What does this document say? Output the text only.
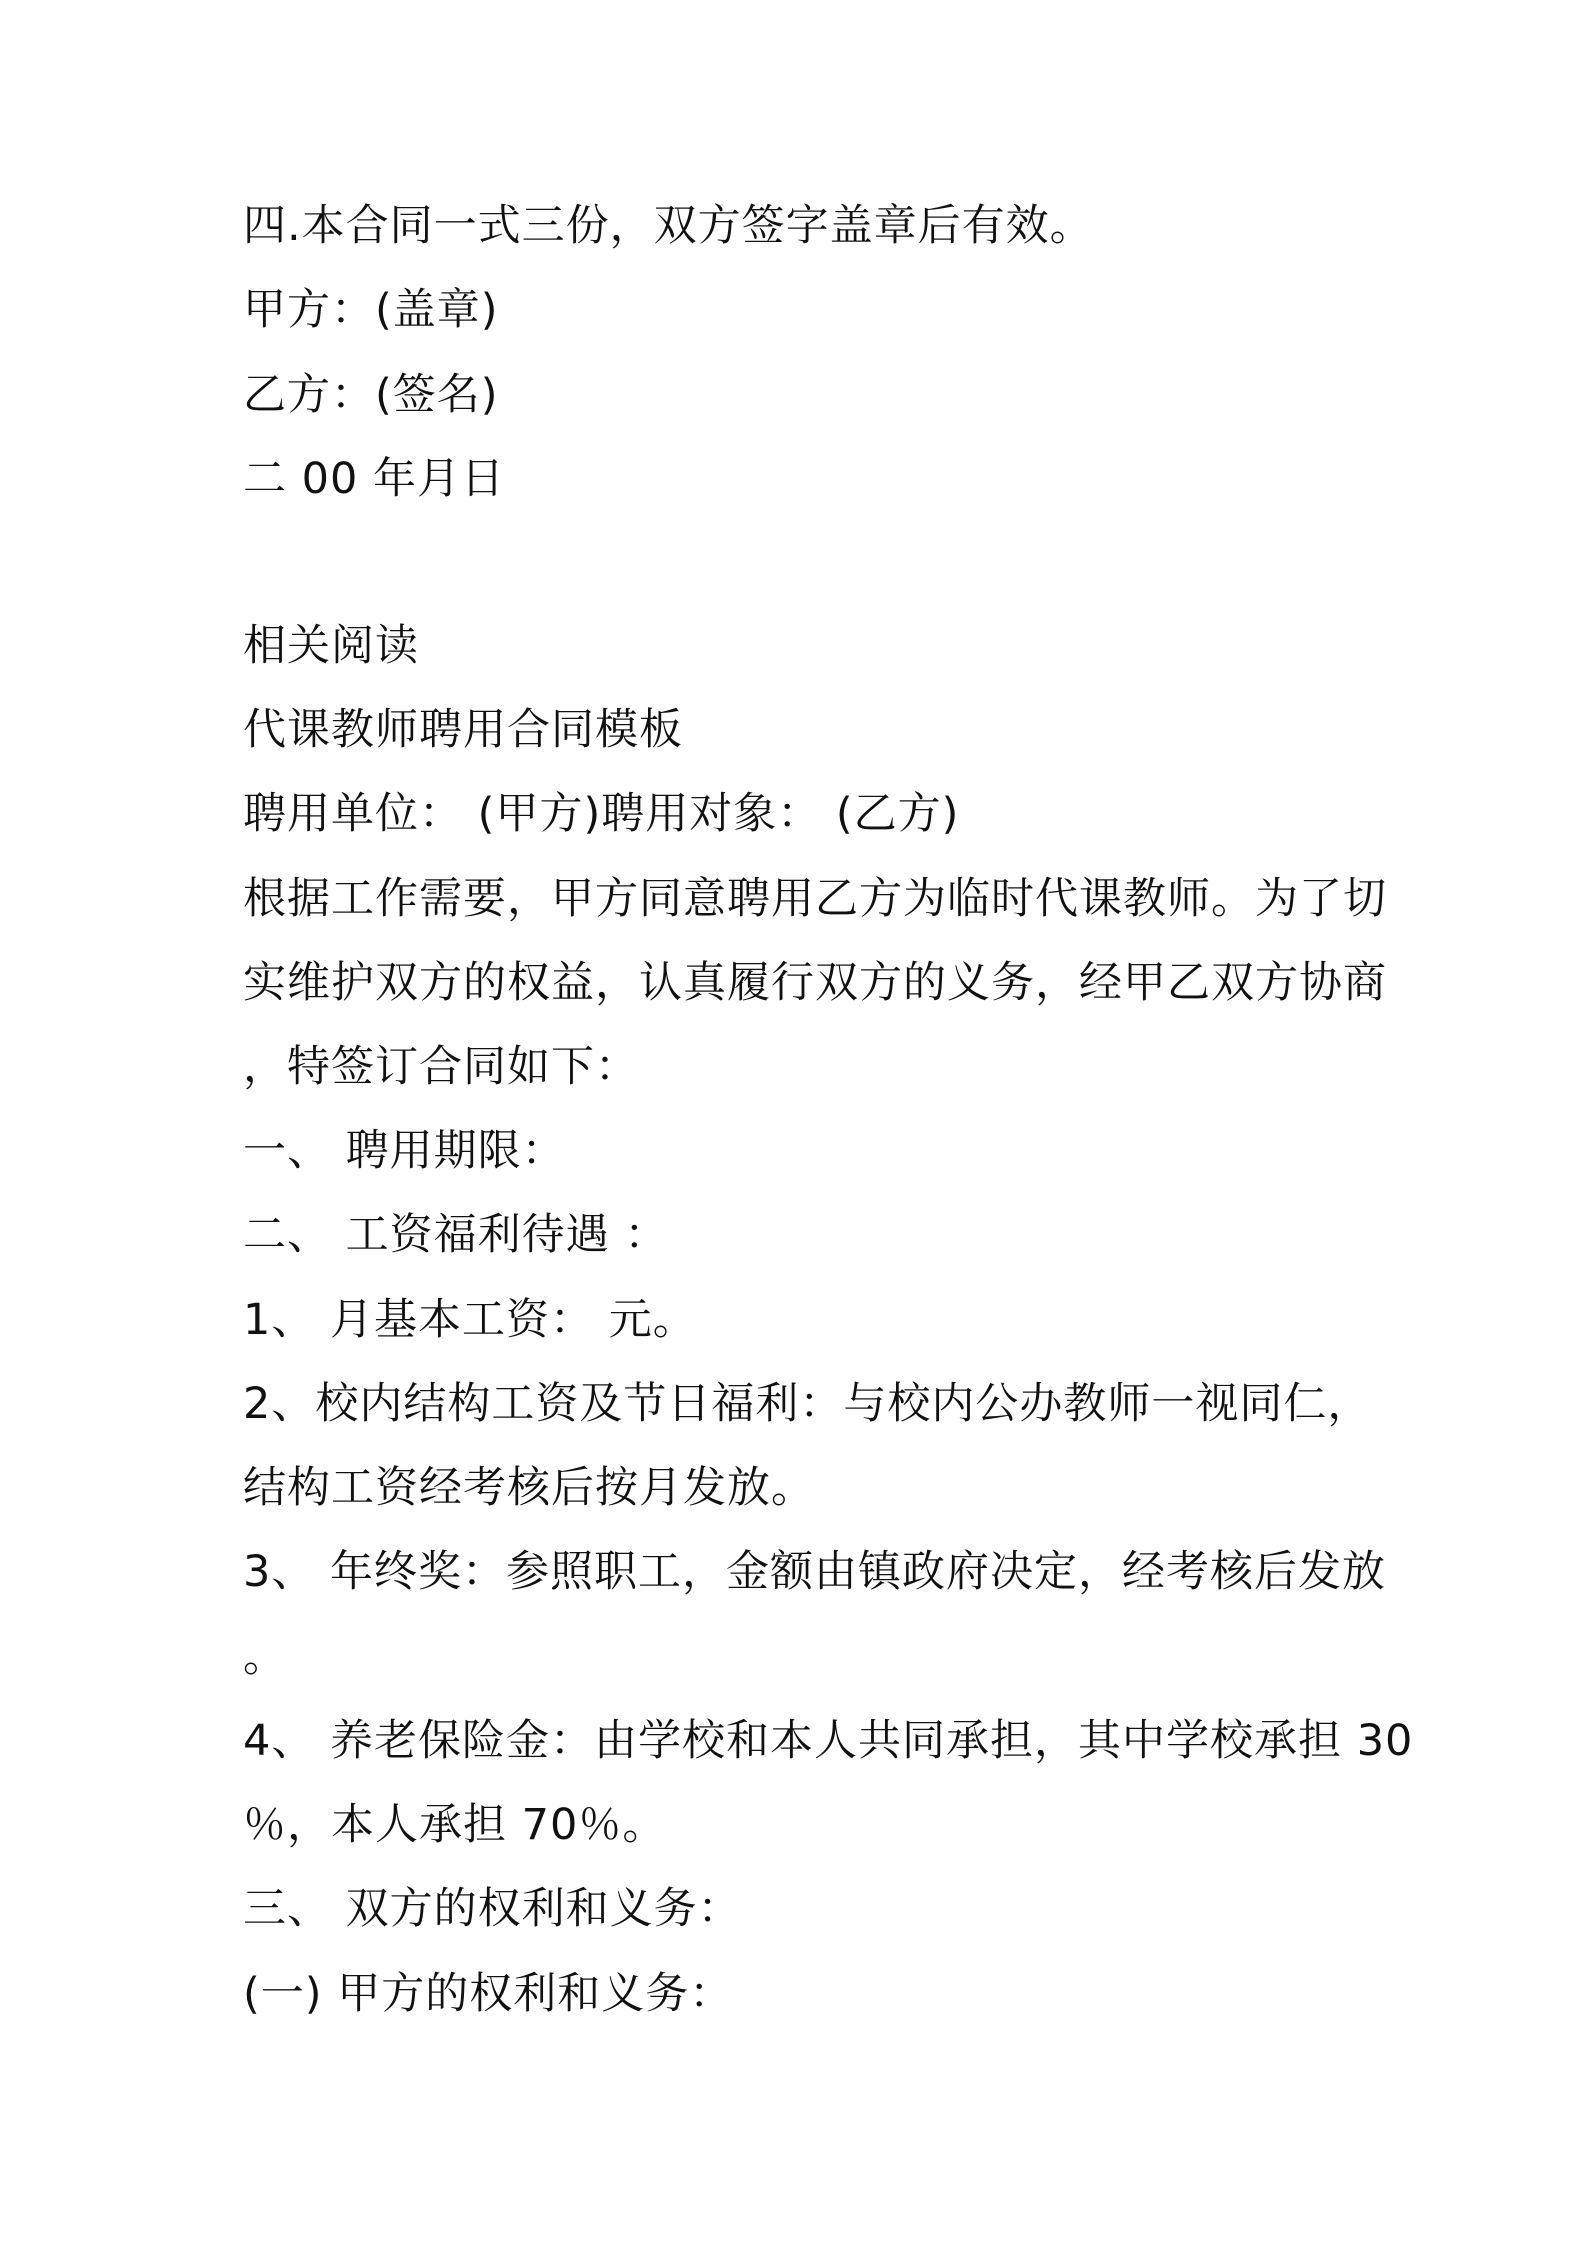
四.本合同一式三份，双方签字盖章后有效。
甲方：(盖章)
乙方：(签名)
二 00 年月日
相关阅读
代课教师聘用合同模板
聘用单位： (甲方)聘用对象： (乙方)
根据工作需要，甲方同意聘用乙方为临时代课教师。为了切
实维护双方的权益，认真履行双方的义务，经甲乙双方协商
，特签订合同如下：
一、 聘用期限：
二、 工资福利待遇 ：
1、 月基本工资： 元。
2、校内结构工资及节日福利：与校内公办教师一视同仁，
结构工资经考核后按月发放。
3、 年终奖：参照职工，金额由镇政府决定，经考核后发放
。
4、 养老保险金：由学校和本人共同承担，其中学校承担 30
％，本人承担 70％。
三、 双方的权利和义务：
(一) 甲方的权利和义务：
